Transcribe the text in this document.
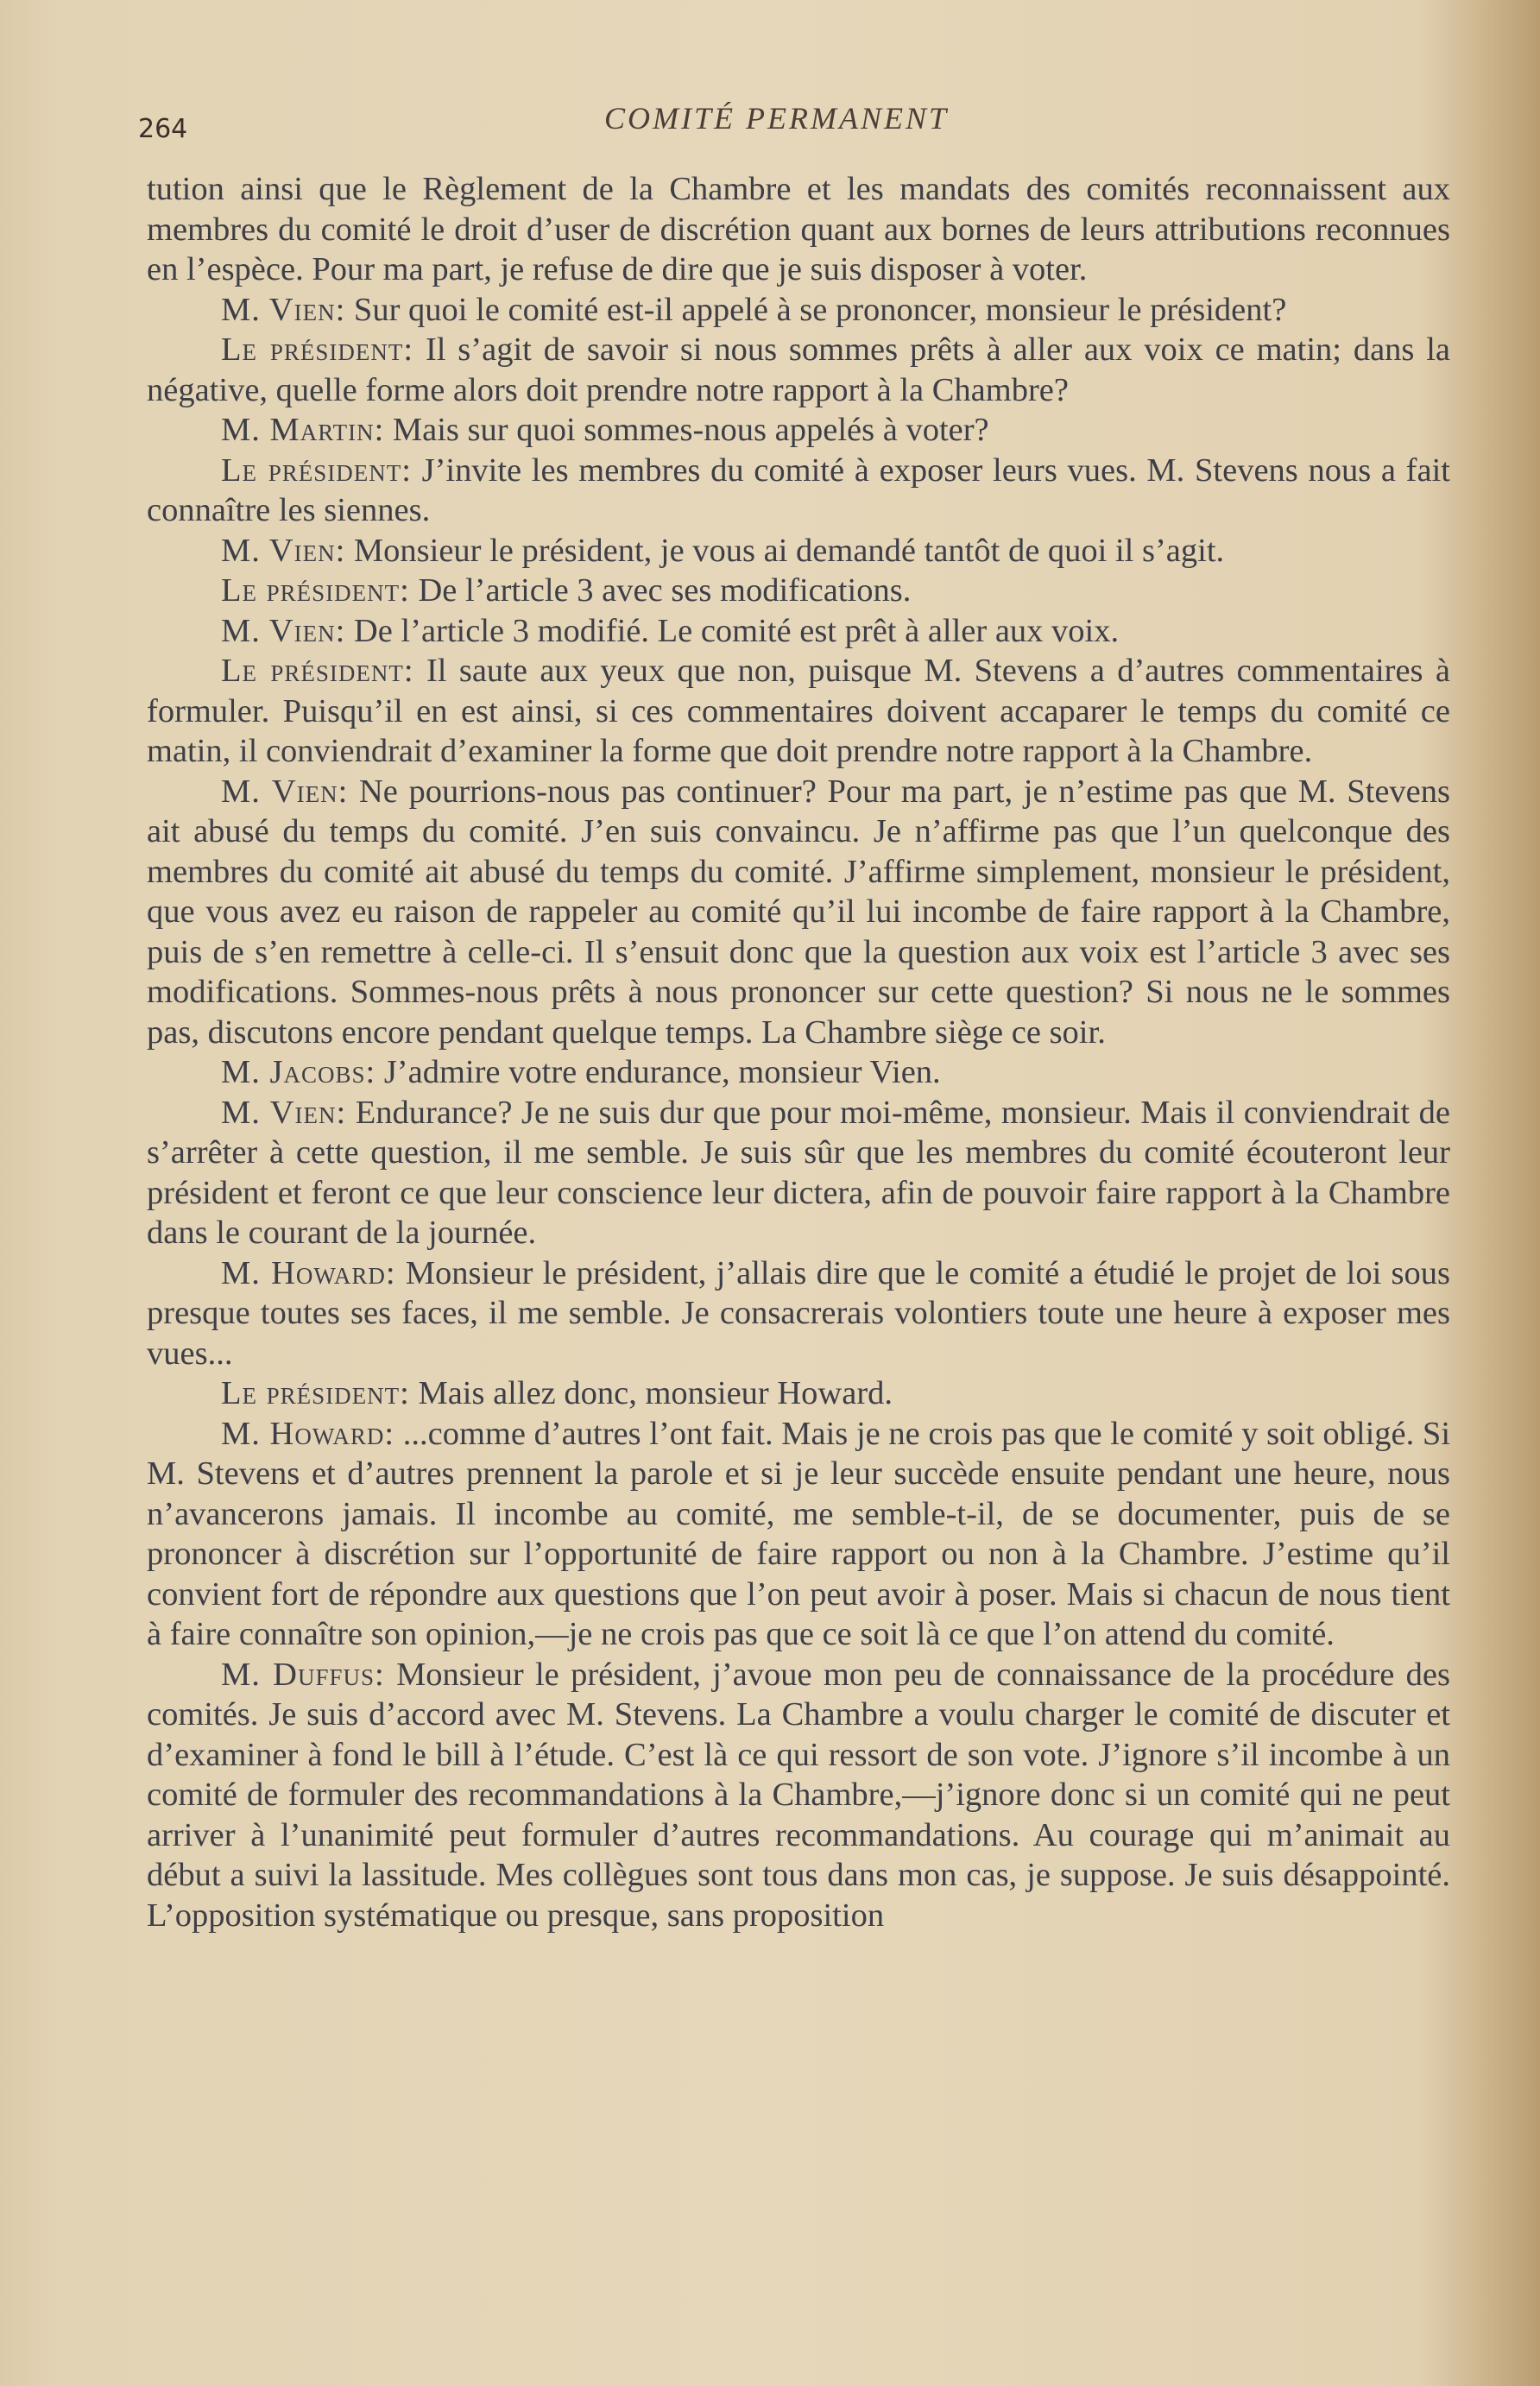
264	COMITÉ PERMANENT

tution ainsi que le Règlement de la Chambre et les mandats des comités reconnaissent aux membres du comité le droit d’user de discrétion quant aux bornes de leurs attributions reconnues en l’espèce. Pour ma part, je refuse de dire que je suis disposer à voter.

M. Vien: Sur quoi le comité est-il appelé à se prononcer, monsieur le président?

Le président: Il s’agit de savoir si nous sommes prêts à aller aux voix ce matin; dans la négative, quelle forme alors doit prendre notre rapport à la Chambre?

M. Martin: Mais sur quoi sommes-nous appelés à voter?

Le président: J’invite les membres du comité à exposer leurs vues. M. Stevens nous a fait connaître les siennes.

M. Vien: Monsieur le président, je vous ai demandé tantôt de quoi il s’agit.

Le président: De l’article 3 avec ses modifications.

M. Vien: De l’article 3 modifié. Le comité est prêt à aller aux voix.

Le président: Il saute aux yeux que non, puisque M. Stevens a d’autres commentaires à formuler. Puisqu’il en est ainsi, si ces commentaires doivent accaparer le temps du comité ce matin, il conviendrait d’examiner la forme que doit prendre notre rapport à la Chambre.

M. Vien: Ne pourrions-nous pas continuer? Pour ma part, je n’estime pas que M. Stevens ait abusé du temps du comité. J’en suis convaincu. Je n’affirme pas que l’un quelconque des membres du comité ait abusé du temps du comité. J’affirme simplement, monsieur le président, que vous avez eu raison de rappeler au comité qu’il lui incombe de faire rapport à la Chambre, puis de s’en remettre à celle-ci. Il s’ensuit donc que la question aux voix est l’article 3 avec ses modifications. Sommes-nous prêts à nous prononcer sur cette question? Si nous ne le sommes pas, discutons encore pendant quelque temps. La Chambre siège ce soir.

M. Jacobs: J’admire votre endurance, monsieur Vien.

M. Vien: Endurance? Je ne suis dur que pour moi-même, monsieur. Mais il conviendrait de s’arrêter à cette question, il me semble. Je suis sûr que les membres du comité écouteront leur président et feront ce que leur conscience leur dictera, afin de pouvoir faire rapport à la Chambre dans le courant de la journée.

M. Howard: Monsieur le président, j’allais dire que le comité a étudié le projet de loi sous presque toutes ses faces, il me semble. Je consacrerais volontiers toute une heure à exposer mes vues...

Le président: Mais allez donc, monsieur Howard.

M. Howard: ...comme d’autres l’ont fait. Mais je ne crois pas que le comité y soit obligé. Si M. Stevens et d’autres prennent la parole et si je leur succède ensuite pendant une heure, nous n’avancerons jamais. Il incombe au comité, me semble-t-il, de se documenter, puis de se prononcer à discrétion sur l’opportunité de faire rapport ou non à la Chambre. J’estime qu’il convient fort de répondre aux questions que l’on peut avoir à poser. Mais si chacun de nous tient à faire connaître son opinion,—je ne crois pas que ce soit là ce que l’on attend du comité.

M. Duffus: Monsieur le président, j’avoue mon peu de connaissance de la procédure des comités. Je suis d’accord avec M. Stevens. La Chambre a voulu charger le comité de discuter et d’examiner à fond le bill à l’étude. C’est là ce qui ressort de son vote. J’ignore s’il incombe à un comité de formuler des recommandations à la Chambre,—j’ignore donc si un comité qui ne peut arriver à l’unanimité peut formuler d’autres recommandations. Au courage qui m’animait au début a suivi la lassitude. Mes collègues sont tous dans mon cas, je suppose. Je suis désappointé. L’opposition systématique ou presque, sans proposition
